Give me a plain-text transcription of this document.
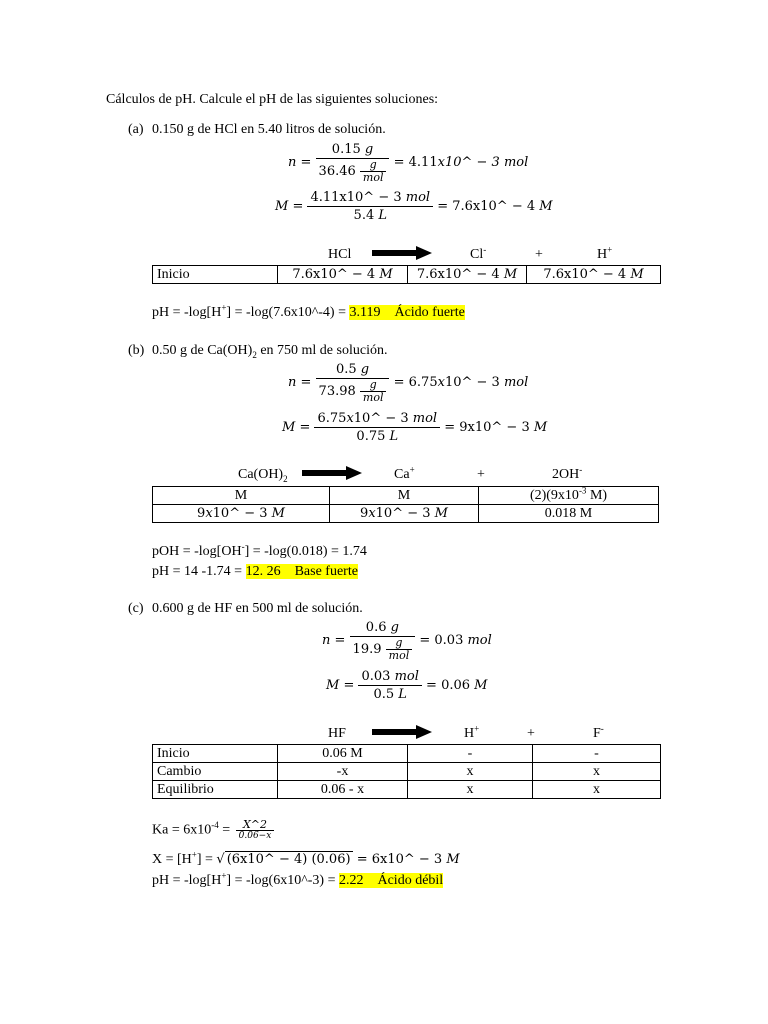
Cálculos de pH. Calcule el pH de las siguientes soluciones:
(a) 0.150 g de HCl en 5.40 litros de solución.
$n = \frac{0.15 g}{36.46 \frac{g}{\text{mol}}}$ = 4.11x10^ − 3 mol
$M = \frac{\text{4.11x10\textasciicircum{} − 3 mol}}{5.4 L}$ = 7.6x10^ − 4 M
HCl	Cl-	+	H+
Inicio	7.6x10^ − 4 M	7.6x10^ − 4 M	7.6x10^ − 4 M
pH = -log[H+] = -log(7.6x10^-4) = 3.119 Ácido fuerte
(b) 0.50 g de $Ca(OH)_2$ en 750 ml de solución.
$n = \frac{0.5 g}{73.98 \frac{g}{\text{mol}}}$ = 6.75x10^ − 3 mol
$M = \frac{\text{6.75x10\textasciicircum{} − 3 mol}}{0.75 L}$ = 9x10^ − 3 M
$Ca(OH)_2$	Ca+	+	2OH-
M	M	$(2)(9x10^{-3}$ M)
9x10^ − 3 M	9x10^ − 3 M	0.018 M
pOH = -log[OH-] = -log(0.018) = 1.74
pH = 14 -1.74 = 12. 26 Base fuerte
(c) 0.600 g de HF en 500 ml de solución.
$n = \frac{0.6 g}{19.9 \frac{g}{\text{mol}}} = 0.03$ mol
$M = \frac{\text{0.03 mol}}{0.5 L} = 0.06$ M
HF	H+	+	F-
Inicio	0.06 M	-	-
Cambio	-x	x	x
Equilibrio	0.06 - x	x	x
$Ka = 6x10^{-4} = \frac{X\^{}2}{0.06-x}$
X = [H+] = √ (6x10^ − 4) (0.06) = 6x10^ − 3 M
pH = -log[H+] = -log(6x10^-3) = 2.22 Ácido débil
